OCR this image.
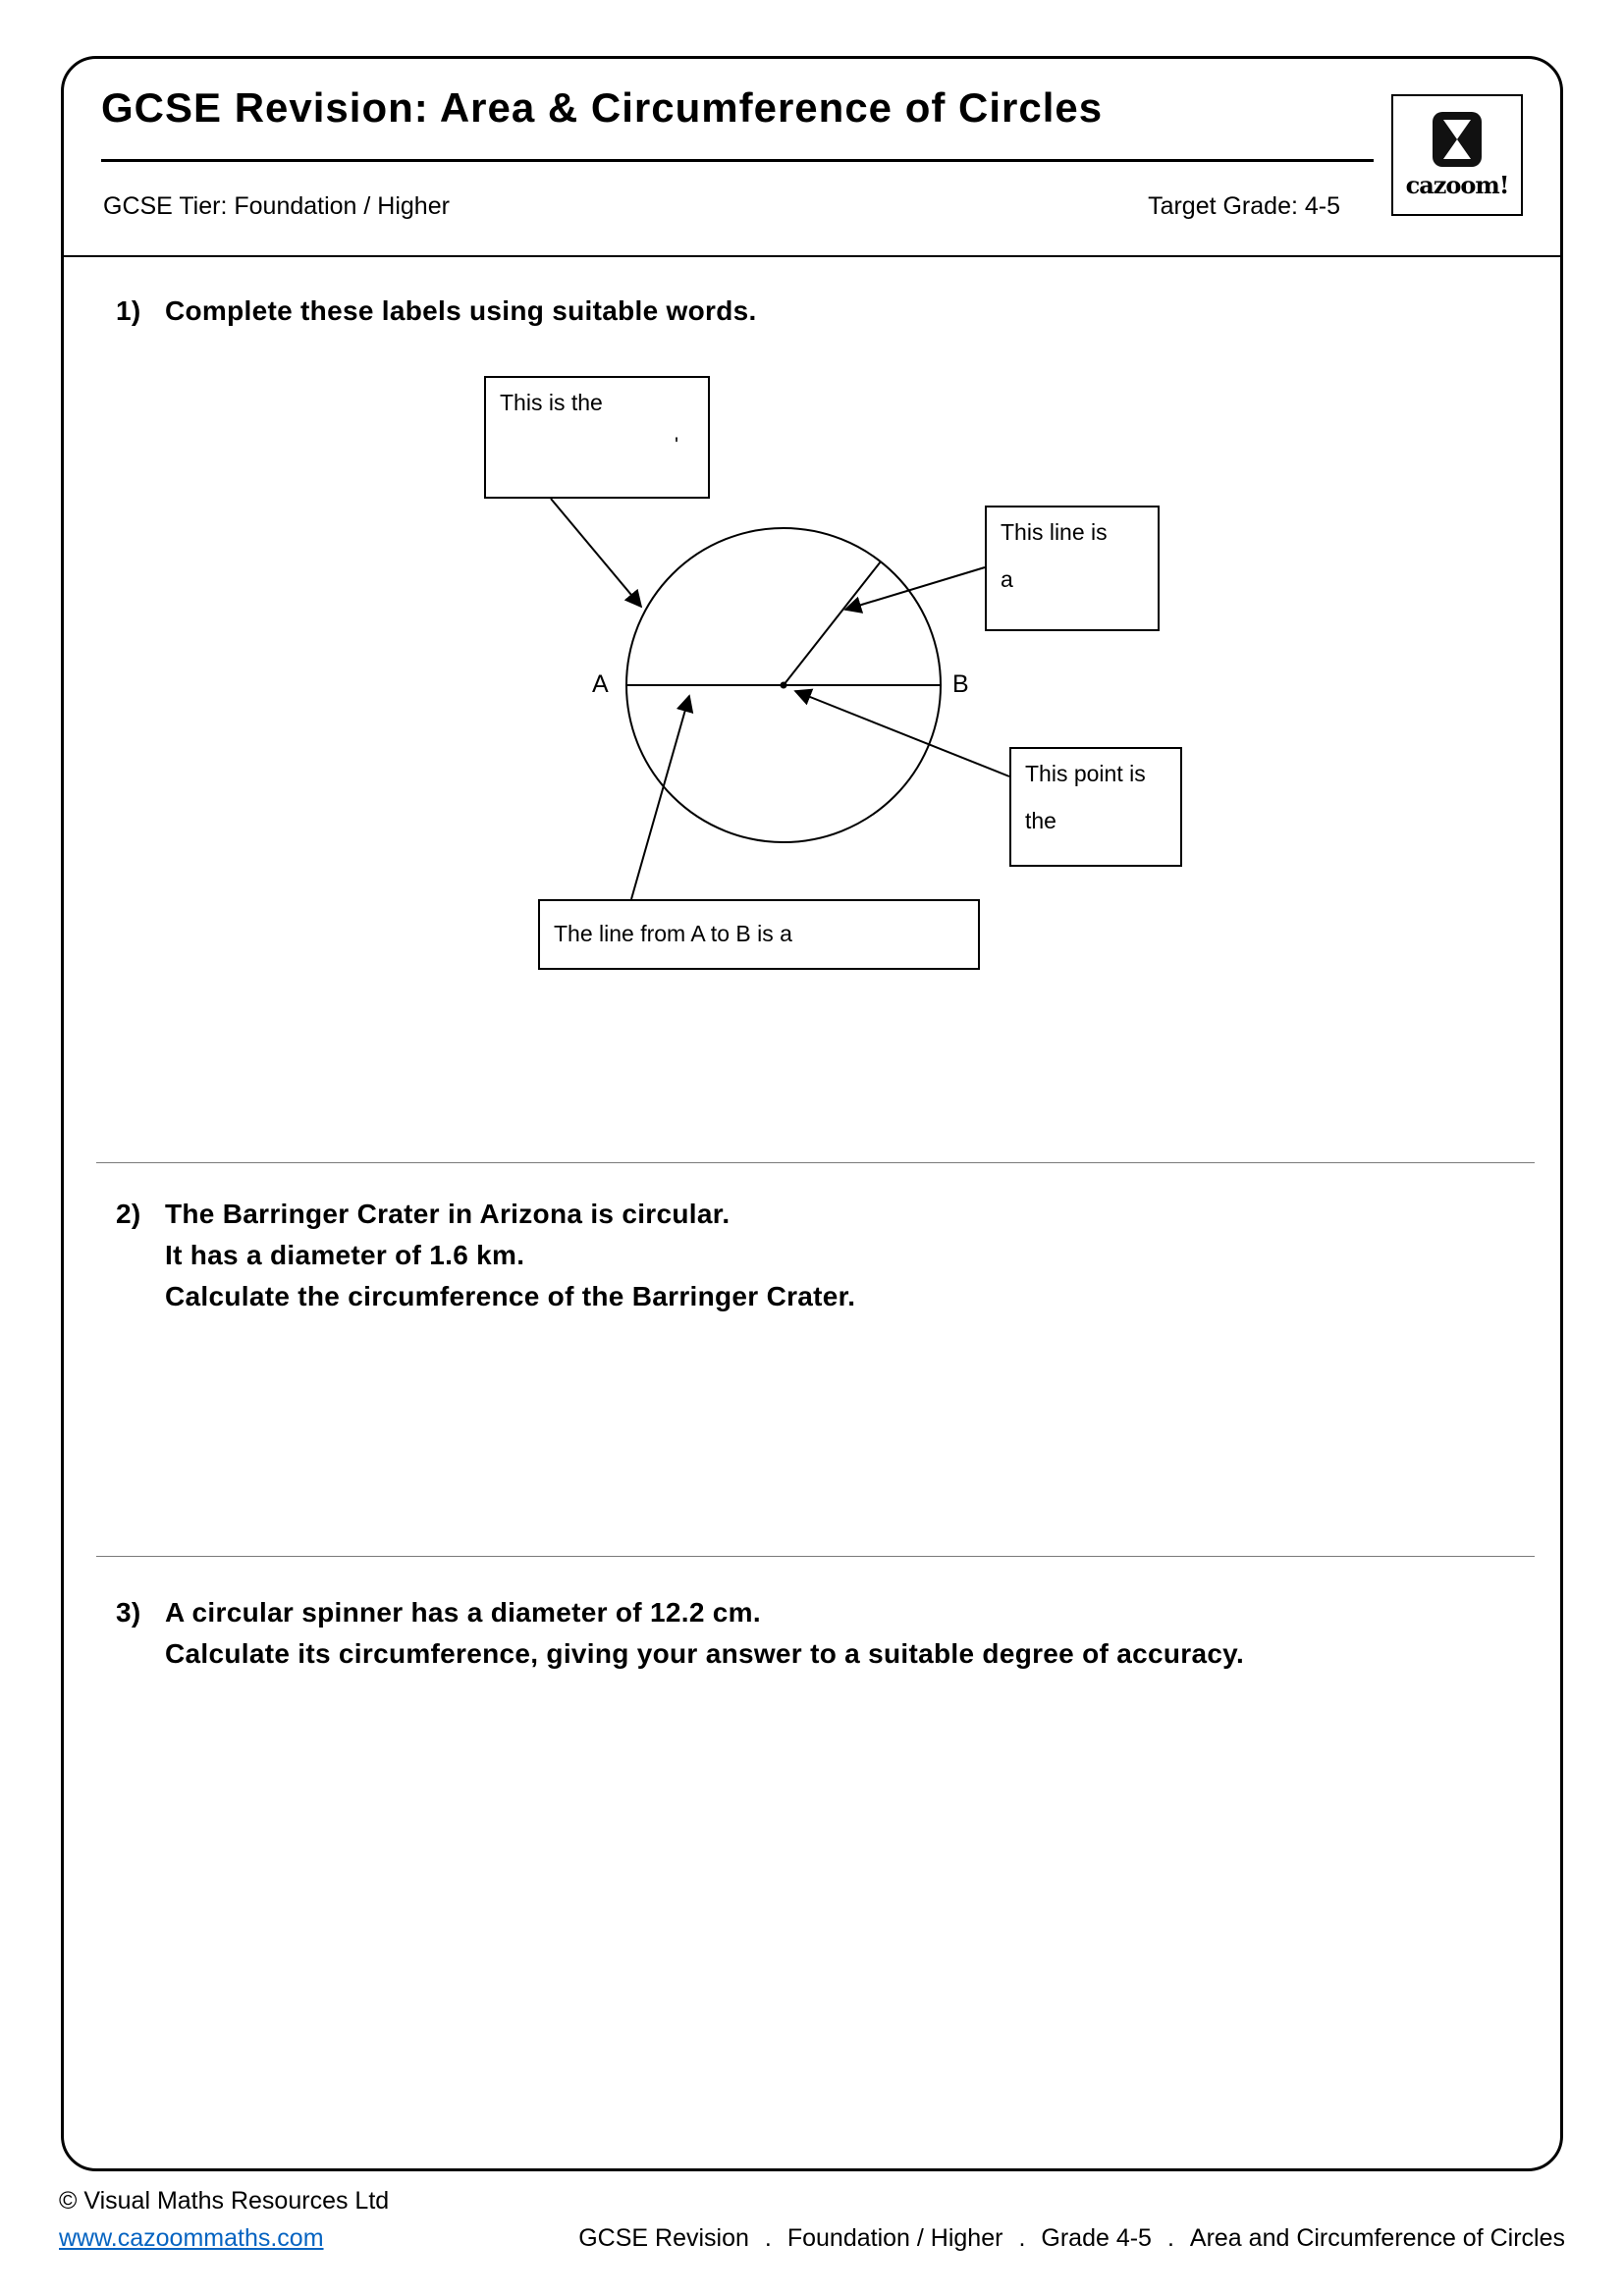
GCSE Revision: Area & Circumference of Circles
GCSE Tier: Foundation / Higher	Target Grade: 4-5
cazoom!
1) Complete these labels using suitable words.
This is the
'
This line is
a
This point is
the
The line from A to B is a
A	B
2) The Barringer Crater in Arizona is circular.
It has a diameter of 1.6 km.
Calculate the circumference of the Barringer Crater.
3) A circular spinner has a diameter of 12.2 cm.
Calculate its circumference, giving your answer to a suitable degree of accuracy.
© Visual Maths Resources Ltd
www.cazoommaths.com	GCSE Revision . Foundation / Higher . Grade 4-5 . Area and Circumference of Circles
